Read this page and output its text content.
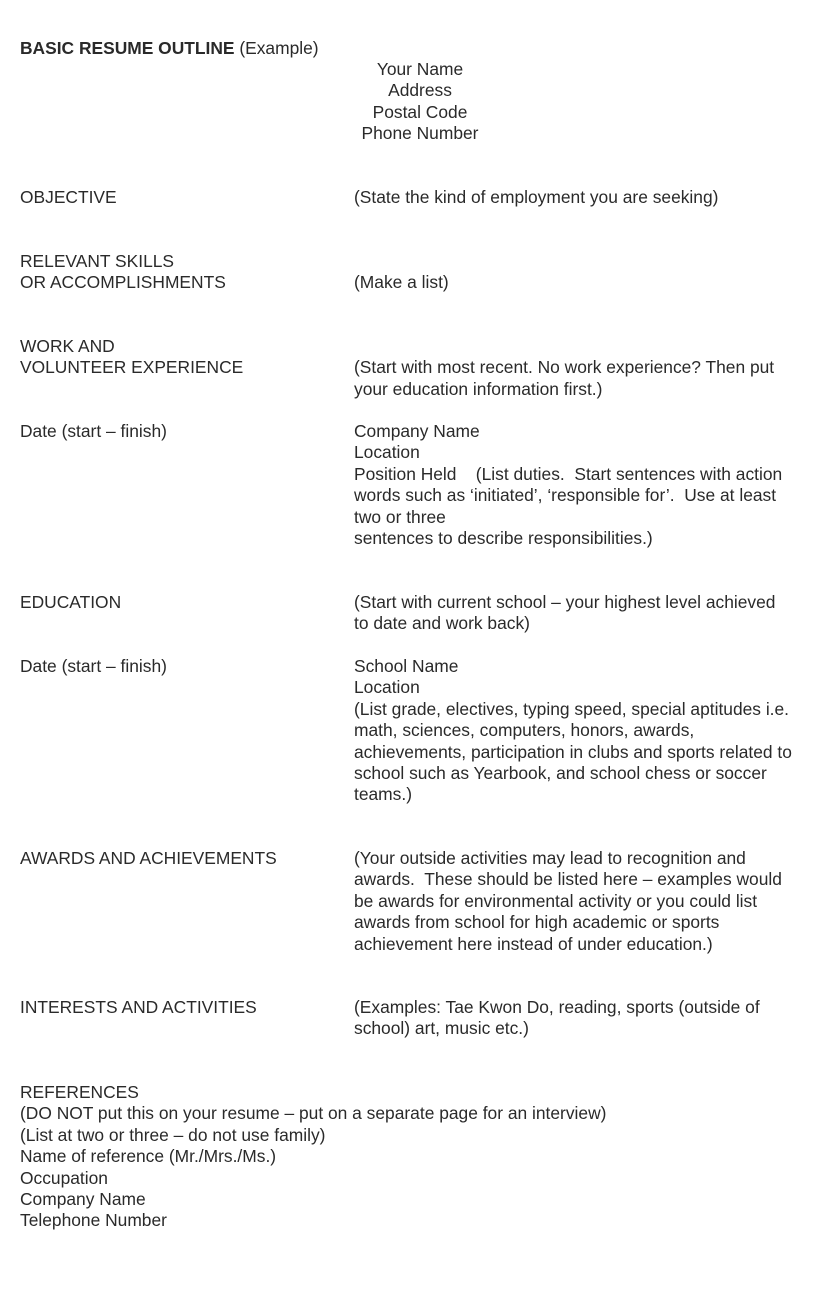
BASIC RESUME OUTLINE (Example)
Your Name
Address
Postal Code
Phone Number
OBJECTIVE	(State the kind of employment you are seeking)
RELEVANT SKILLS
OR ACCOMPLISHMENTS	(Make a list)
WORK AND
VOLUNTEER EXPERIENCE	(Start with most recent. No work experience? Then put
your education information first.)
Date (start – finish)	Company Name
Location
Position Held    (List duties.  Start sentences with action
words such as ‘initiated’, ‘responsible for’.  Use at least
two or three
sentences to describe responsibilities.)
EDUCATION	(Start with current school – your highest level achieved
to date and work back)
Date (start – finish)	School Name
Location
(List grade, electives, typing speed, special aptitudes i.e.
math, sciences, computers, honors, awards,
achievements, participation in clubs and sports related to
school such as Yearbook, and school chess or soccer
teams.)
AWARDS AND ACHIEVEMENTS	(Your outside activities may lead to recognition and
awards.  These should be listed here – examples would
be awards for environmental activity or you could list
awards from school for high academic or sports
achievement here instead of under education.)
INTERESTS AND ACTIVITIES	(Examples: Tae Kwon Do, reading, sports (outside of
school) art, music etc.)
REFERENCES
(DO NOT put this on your resume – put on a separate page for an interview)
(List at two or three – do not use family)
Name of reference (Mr./Mrs./Ms.)
Occupation
Company Name
Telephone Number
